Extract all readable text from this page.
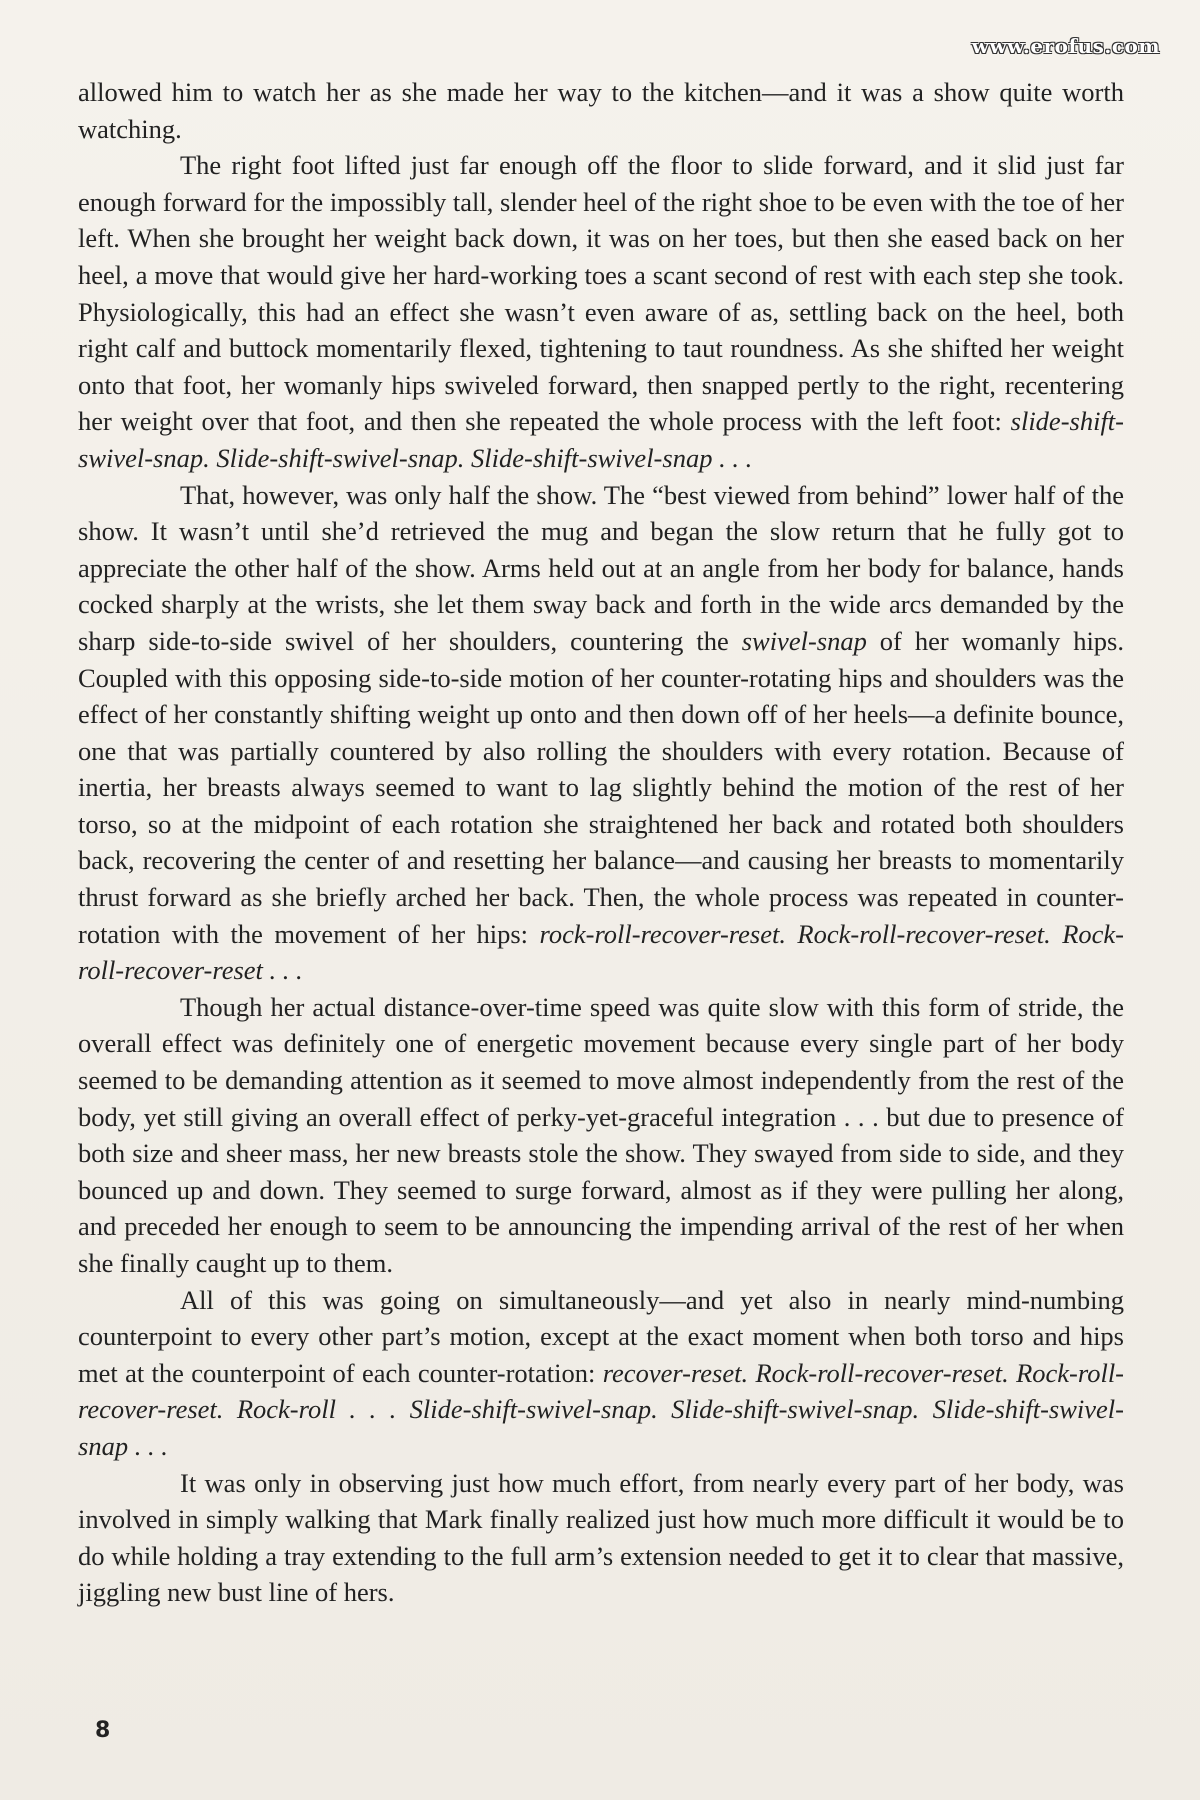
www.erofus.com

allowed him to watch her as she made her way to the kitchen—and it was a show quite worth watching.

The right foot lifted just far enough off the floor to slide forward, and it slid just far enough forward for the impossibly tall, slender heel of the right shoe to be even with the toe of her left. When she brought her weight back down, it was on her toes, but then she eased back on her heel, a move that would give her hard-working toes a scant second of rest with each step she took. Physiologically, this had an effect she wasn’t even aware of as, settling back on the heel, both right calf and buttock momentarily flexed, tightening to taut roundness. As she shifted her weight onto that foot, her womanly hips swiveled forward, then snapped pertly to the right, recentering her weight over that foot, and then she repeated the whole process with the left foot: slide-shift-swivel-snap. Slide-shift-swivel-snap. Slide-shift-swivel-snap . . .

That, however, was only half the show. The “best viewed from behind” lower half of the show. It wasn’t until she’d retrieved the mug and began the slow return that he fully got to appreciate the other half of the show. Arms held out at an angle from her body for balance, hands cocked sharply at the wrists, she let them sway back and forth in the wide arcs demanded by the sharp side-to-side swivel of her shoulders, countering the swivel-snap of her womanly hips. Coupled with this opposing side-to-side motion of her counter-rotating hips and shoulders was the effect of her constantly shifting weight up onto and then down off of her heels—a definite bounce, one that was partially countered by also rolling the shoulders with every rotation. Because of inertia, her breasts always seemed to want to lag slightly behind the motion of the rest of her torso, so at the midpoint of each rotation she straightened her back and rotated both shoulders back, recovering the center of and resetting her balance—and causing her breasts to momentarily thrust forward as she briefly arched her back. Then, the whole process was repeated in counter-rotation with the movement of her hips: rock-roll-recover-reset. Rock-roll-recover-reset. Rock-roll-recover-reset . . .

Though her actual distance-over-time speed was quite slow with this form of stride, the overall effect was definitely one of energetic movement because every single part of her body seemed to be demanding attention as it seemed to move almost independently from the rest of the body, yet still giving an overall effect of perky-yet-graceful integration . . . but due to presence of both size and sheer mass, her new breasts stole the show. They swayed from side to side, and they bounced up and down. They seemed to surge forward, almost as if they were pulling her along, and preceded her enough to seem to be announcing the impending arrival of the rest of her when she finally caught up to them.

All of this was going on simultaneously—and yet also in nearly mind-numbing counterpoint to every other part’s motion, except at the exact moment when both torso and hips met at the counterpoint of each counter-rotation: recover-reset. Rock-roll-recover-reset. Rock-roll-recover-reset. Rock-roll . . . Slide-shift-swivel-snap. Slide-shift-swivel-snap. Slide-shift-swivel-snap . . .

It was only in observing just how much effort, from nearly every part of her body, was involved in simply walking that Mark finally realized just how much more difficult it would be to do while holding a tray extending to the full arm’s extension needed to get it to clear that massive, jiggling new bust line of hers.

8
